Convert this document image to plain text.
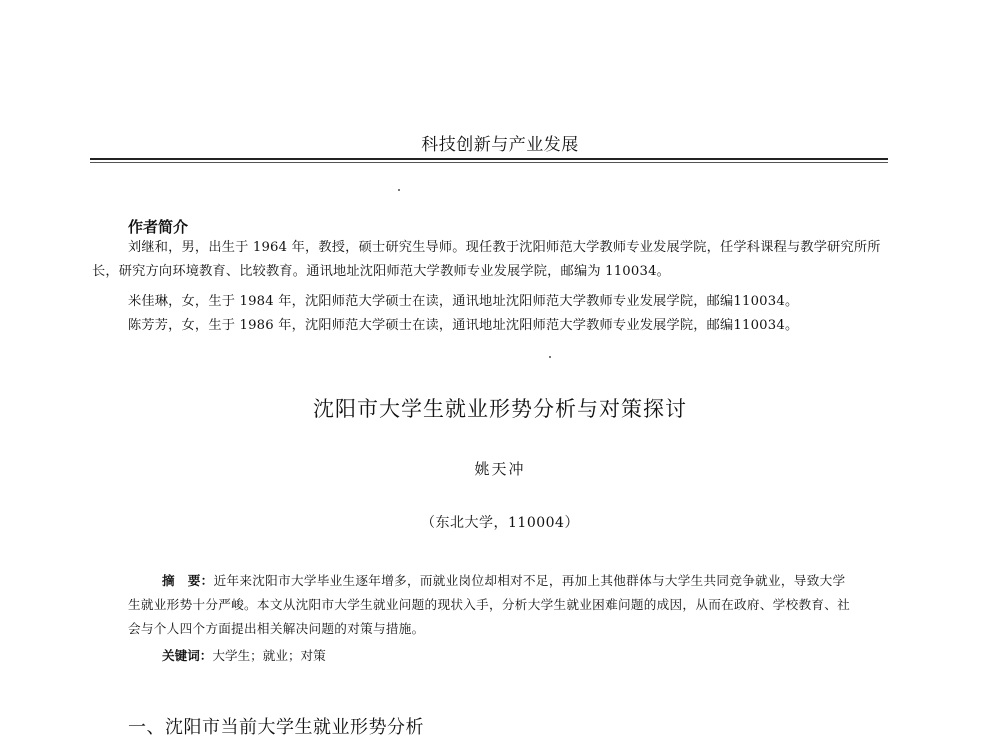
科技创新与产业发展
作者简介
刘继和，男，出生于 1964 年，教授，硕士研究生导师。现任教于沈阳师范大学教师专业发展学院，任学科课程与教学研究所所长，研究方向环境教育、比较教育。通讯地址沈阳师范大学教师专业发展学院，邮编为 110034。
米佳琳，女，生于 1984 年，沈阳师范大学硕士在读，通讯地址沈阳师范大学教师专业发展学院，邮编110034。
陈芳芳，女，生于 1986 年，沈阳师范大学硕士在读，通讯地址沈阳师范大学教师专业发展学院，邮编110034。
沈阳市大学生就业形势分析与对策探讨
姚天冲
（东北大学，110004）
摘　要：近年来沈阳市大学毕业生逐年增多，而就业岗位却相对不足，再加上其他群体与大学生共同竞争就业，导致大学生就业形势十分严峻。本文从沈阳市大学生就业问题的现状入手，分析大学生就业困难问题的成因，从而在政府、学校教育、社会与个人四个方面提出相关解决问题的对策与措施。
关键词：大学生；就业；对策
一、沈阳市当前大学生就业形势分析
